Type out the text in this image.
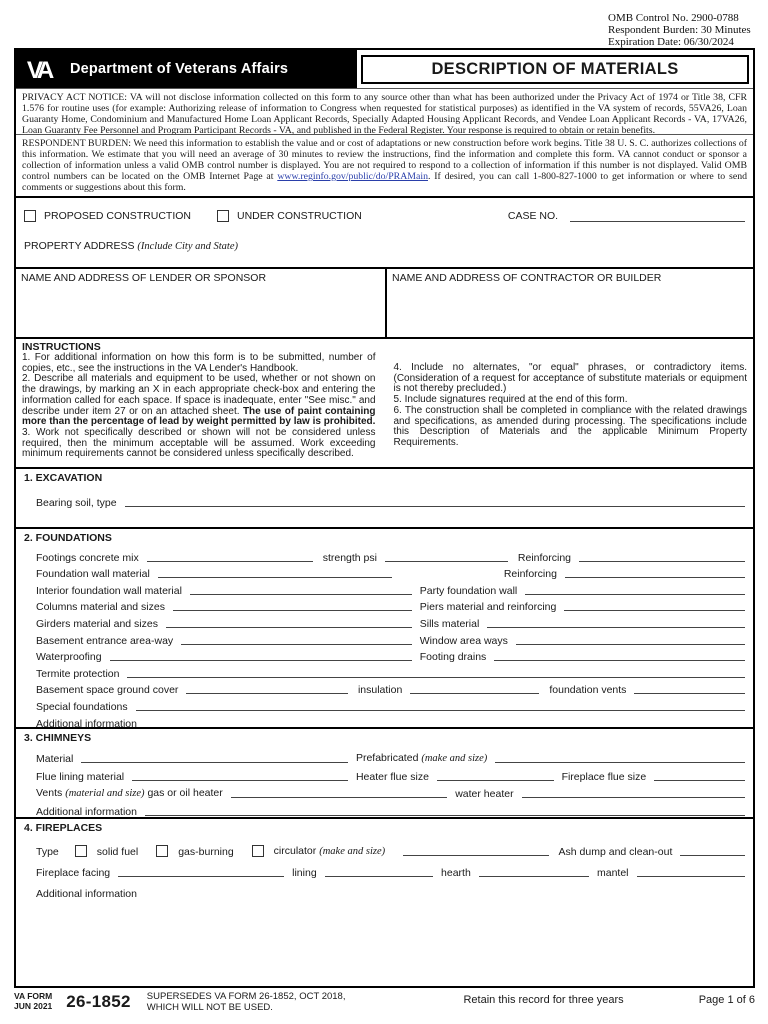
OMB Control No. 2900-0788
Respondent Burden: 30 Minutes
Expiration Date: 06/30/2024
VA Department of Veterans Affairs	DESCRIPTION OF MATERIALS
PRIVACY ACT NOTICE: VA will not disclose information collected on this form to any source other than what has been authorized under the Privacy Act of 1974 or Title 38, CFR 1.576 for routine uses (for example: Authorizing release of information to Congress when requested for statistical purposes) as identified in the VA system of records, 55VA26, Loan Guaranty Home, Condominium and Manufactured Home Loan Applicant Records, Specially Adapted Housing Applicant Records, and Vendee Loan Applicant Records - VA, 17VA26, Loan Guaranty Fee Personnel and Program Participant Records - VA, and published in the Federal Register. Your response is required to obtain or retain benefits.
RESPONDENT BURDEN: We need this information to establish the value and or cost of adaptations or new construction before work begins. Title 38 U. S. C. authorizes collections of this information. We estimate that you will need an average of 30 minutes to review the instructions, find the information and complete this form. VA cannot conduct or sponsor a collection of information unless a valid OMB control number is displayed. You are not required to respond to a collection of information if this number is not displayed. Valid OMB control numbers can be located on the OMB Internet Page at www.reginfo.gov/public/do/PRAMain. If desired, you can call 1-800-827-1000 to get information or where to send comments or suggestions about this form.
PROPOSED CONSTRUCTION	UNDER CONSTRUCTION	CASE NO.
PROPERTY ADDRESS (Include City and State)
NAME AND ADDRESS OF LENDER OR SPONSOR	NAME AND ADDRESS OF CONTRACTOR OR BUILDER
INSTRUCTIONS
1. For additional information on how this form is to be submitted, number of copies, etc., see the instructions in the VA Lender's Handbook.
2. Describe all materials and equipment to be used, whether or not shown on the drawings, by marking an X in each appropriate check-box and entering the information called for each space. If space is inadequate, enter "See misc." and describe under item 27 or on an attached sheet. The use of paint containing more than the percentage of lead by weight permitted by law is prohibited.
3. Work not specifically described or shown will not be considered unless required, then the minimum acceptable will be assumed. Work exceeding minimum requirements cannot be considered unless specifically described.
4. Include no alternates, "or equal" phrases, or contradictory items. (Consideration of a request for acceptance of substitute materials or equipment is not thereby precluded.)
5. Include signatures required at the end of this form.
6. The construction shall be completed in compliance with the related drawings and specifications, as amended during processing. The specifications include this Description of Materials and the applicable Minimum Property Requirements.
1. EXCAVATION
Bearing soil, type
2. FOUNDATIONS
Footings concrete mix	strength psi	Reinforcing
Foundation wall material	Reinforcing
Interior foundation wall material	Party foundation wall
Columns material and sizes	Piers material and reinforcing
Girders material and sizes	Sills material
Basement entrance area-way	Window area ways
Waterproofing	Footing drains
Termite protection
Basement space ground cover	insulation	foundation vents
Special foundations
Additional information
3. CHIMNEYS
Material	Prefabricated (make and size)
Flue lining material	Heater flue size	Fireplace flue size
Vents (material and size) gas or oil heater	water heater
Additional information
4. FIREPLACES
Type	solid fuel	gas-burning	circulator (make and size)	Ash dump and clean-out
Fireplace facing	lining	hearth	mantel
Additional information
VA FORM
JUN 2021 26-1852 SUPERSEDES VA FORM 26-1852, OCT 2018,
WHICH WILL NOT BE USED.
Retain this record for three years	Page 1 of 6
